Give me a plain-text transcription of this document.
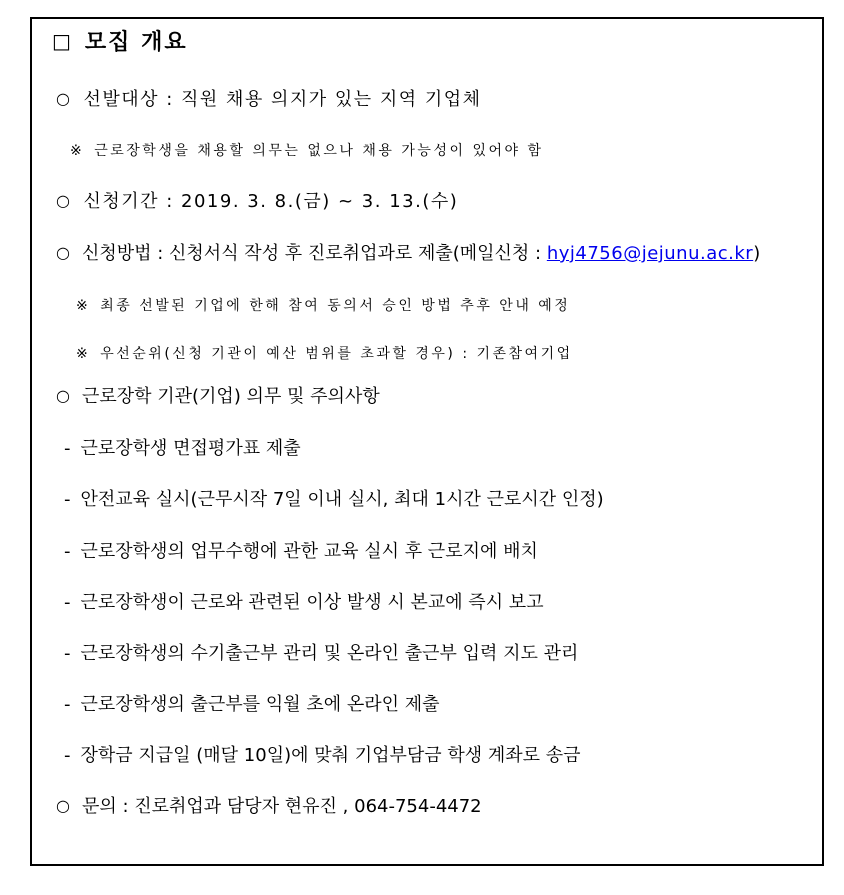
□ 모집 개요
○ 선발대상 : 직원 채용 의지가 있는 지역 기업체
※ 근로장학생을 채용할 의무는 없으나 채용 가능성이 있어야 함
○ 신청기간 : 2019. 3. 8.(금) ~ 3. 13.(수)
○ 신청방법 : 신청서식 작성 후 진로취업과로 제출(메일신청 : hyj4756@jejunu.ac.kr)
※ 최종 선발된 기업에 한해 참여 동의서 승인 방법 추후 안내 예정
※ 우선순위(신청 기관이 예산 범위를 초과할 경우) : 기존참여기업
○ 근로장학 기관(기업) 의무 및 주의사항
- 근로장학생 면접평가표 제출
- 안전교육 실시(근무시작 7일 이내 실시, 최대 1시간 근로시간 인정)
- 근로장학생의 업무수행에 관한 교육 실시 후 근로지에 배치
- 근로장학생이 근로와 관련된 이상 발생 시 본교에 즉시 보고
- 근로장학생의 수기출근부 관리 및 온라인 출근부 입력 지도 관리
- 근로장학생의 출근부를 익월 초에 온라인 제출
- 장학금 지급일 (매달 10일)에 맞춰 기업부담금 학생 계좌로 송금
○ 문의 : 진로취업과 담당자 현유진 , 064-754-4472
